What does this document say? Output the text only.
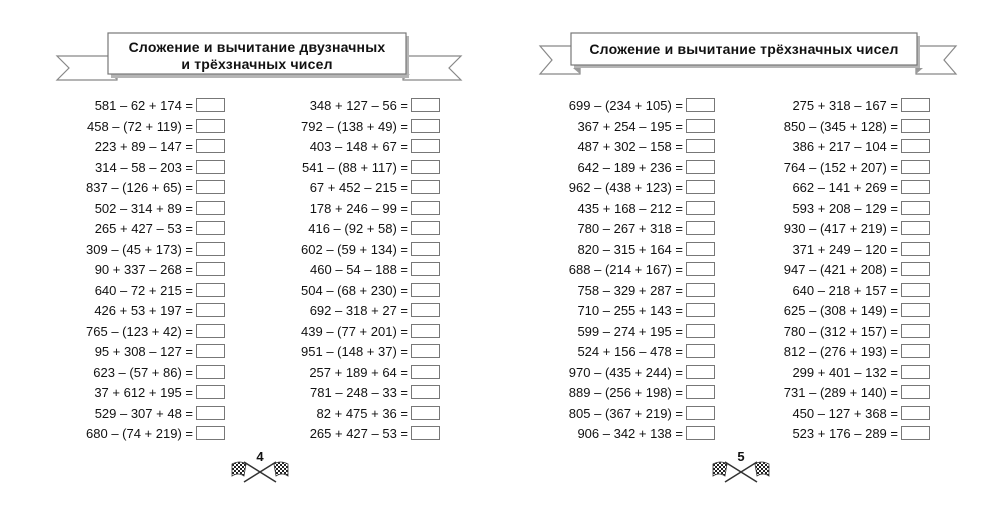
Сложение и вычитание двузначных
и трёхзначных чисел
581 – 62 + 174 =
458 – (72 + 119) =
223 + 89 – 147 =
314 – 58 – 203 =
837 – (126 + 65) =
502 – 314 + 89 =
265 + 427 – 53 =
309 – (45 + 173) =
90 + 337 – 268 =
640 – 72 + 215 =
426 + 53 + 197 =
765 – (123 + 42) =
95 + 308 – 127 =
623 – (57 + 86) =
37 + 612 + 195 =
529 – 307 + 48 =
680 – (74 + 219) =
348 + 127 – 56 =
792 – (138 + 49) =
403 – 148 + 67 =
541 – (88 + 117) =
67 + 452 – 215 =
178 + 246 – 99 =
416 – (92 + 58) =
602 – (59 + 134) =
460 – 54 – 188 =
504 – (68 + 230) =
692 – 318 + 27 =
439 – (77 + 201) =
951 – (148 + 37) =
257 + 189 + 64 =
781 – 248 – 33 =
82 + 475 + 36 =
265 + 427 – 53 =
4
Сложение и вычитание трёхзначных чисел
699 – (234 + 105) =
367 + 254 – 195 =
487 + 302 – 158 =
642 – 189 + 236 =
962 – (438 + 123) =
435 + 168 – 212 =
780 – 267 + 318 =
820 – 315 + 164 =
688 – (214 + 167) =
758 – 329 + 287 =
710 – 255 + 143 =
599 – 274 + 195 =
524 + 156 – 478 =
970 – (435 + 244) =
889 – (256 + 198) =
805 – (367 + 219) =
906 – 342 + 138 =
275 + 318 – 167 =
850 – (345 + 128) =
386 + 217 – 104 =
764 – (152 + 207) =
662 – 141 + 269 =
593 + 208 – 129 =
930 – (417 + 219) =
371 + 249 – 120 =
947 – (421 + 208) =
640 – 218 + 157 =
625 – (308 + 149) =
780 – (312 + 157) =
812 – (276 + 193) =
299 + 401 – 132 =
731 – (289 + 140) =
450 – 127 + 368 =
523 + 176 – 289 =
5
